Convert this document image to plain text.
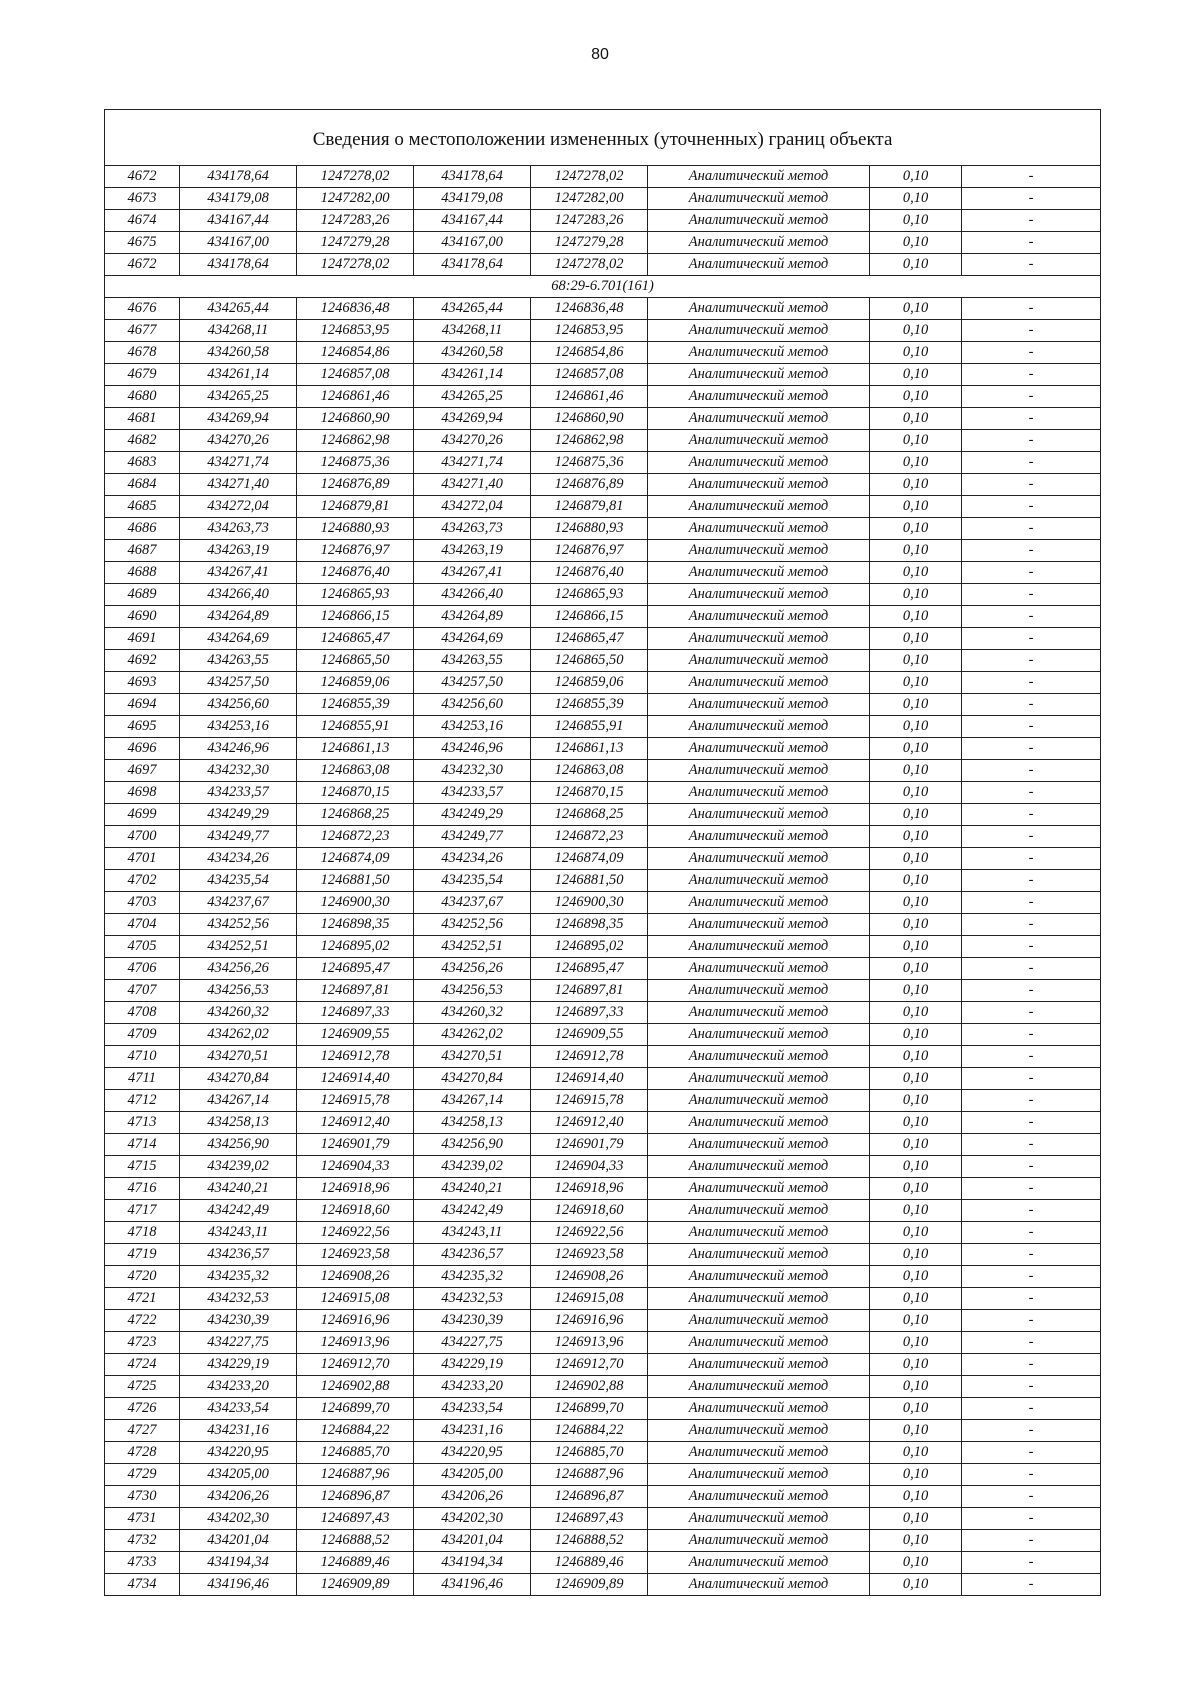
80
Сведения о местоположении измененных (уточненных) границ объекта							
4672	434178,64	1247278,02	434178,64	1247278,02	Аналитический метод	0,10	-
4673	434179,08	1247282,00	434179,08	1247282,00	Аналитический метод	0,10	-
4674	434167,44	1247283,26	434167,44	1247283,26	Аналитический метод	0,10	-
4675	434167,00	1247279,28	434167,00	1247279,28	Аналитический метод	0,10	-
4672	434178,64	1247278,02	434178,64	1247278,02	Аналитический метод	0,10	-
68:29-6.701(161)							
4676	434265,44	1246836,48	434265,44	1246836,48	Аналитический метод	0,10	-
4677	434268,11	1246853,95	434268,11	1246853,95	Аналитический метод	0,10	-
4678	434260,58	1246854,86	434260,58	1246854,86	Аналитический метод	0,10	-
4679	434261,14	1246857,08	434261,14	1246857,08	Аналитический метод	0,10	-
4680	434265,25	1246861,46	434265,25	1246861,46	Аналитический метод	0,10	-
4681	434269,94	1246860,90	434269,94	1246860,90	Аналитический метод	0,10	-
4682	434270,26	1246862,98	434270,26	1246862,98	Аналитический метод	0,10	-
4683	434271,74	1246875,36	434271,74	1246875,36	Аналитический метод	0,10	-
4684	434271,40	1246876,89	434271,40	1246876,89	Аналитический метод	0,10	-
4685	434272,04	1246879,81	434272,04	1246879,81	Аналитический метод	0,10	-
4686	434263,73	1246880,93	434263,73	1246880,93	Аналитический метод	0,10	-
4687	434263,19	1246876,97	434263,19	1246876,97	Аналитический метод	0,10	-
4688	434267,41	1246876,40	434267,41	1246876,40	Аналитический метод	0,10	-
4689	434266,40	1246865,93	434266,40	1246865,93	Аналитический метод	0,10	-
4690	434264,89	1246866,15	434264,89	1246866,15	Аналитический метод	0,10	-
4691	434264,69	1246865,47	434264,69	1246865,47	Аналитический метод	0,10	-
4692	434263,55	1246865,50	434263,55	1246865,50	Аналитический метод	0,10	-
4693	434257,50	1246859,06	434257,50	1246859,06	Аналитический метод	0,10	-
4694	434256,60	1246855,39	434256,60	1246855,39	Аналитический метод	0,10	-
4695	434253,16	1246855,91	434253,16	1246855,91	Аналитический метод	0,10	-
4696	434246,96	1246861,13	434246,96	1246861,13	Аналитический метод	0,10	-
4697	434232,30	1246863,08	434232,30	1246863,08	Аналитический метод	0,10	-
4698	434233,57	1246870,15	434233,57	1246870,15	Аналитический метод	0,10	-
4699	434249,29	1246868,25	434249,29	1246868,25	Аналитический метод	0,10	-
4700	434249,77	1246872,23	434249,77	1246872,23	Аналитический метод	0,10	-
4701	434234,26	1246874,09	434234,26	1246874,09	Аналитический метод	0,10	-
4702	434235,54	1246881,50	434235,54	1246881,50	Аналитический метод	0,10	-
4703	434237,67	1246900,30	434237,67	1246900,30	Аналитический метод	0,10	-
4704	434252,56	1246898,35	434252,56	1246898,35	Аналитический метод	0,10	-
4705	434252,51	1246895,02	434252,51	1246895,02	Аналитический метод	0,10	-
4706	434256,26	1246895,47	434256,26	1246895,47	Аналитический метод	0,10	-
4707	434256,53	1246897,81	434256,53	1246897,81	Аналитический метод	0,10	-
4708	434260,32	1246897,33	434260,32	1246897,33	Аналитический метод	0,10	-
4709	434262,02	1246909,55	434262,02	1246909,55	Аналитический метод	0,10	-
4710	434270,51	1246912,78	434270,51	1246912,78	Аналитический метод	0,10	-
4711	434270,84	1246914,40	434270,84	1246914,40	Аналитический метод	0,10	-
4712	434267,14	1246915,78	434267,14	1246915,78	Аналитический метод	0,10	-
4713	434258,13	1246912,40	434258,13	1246912,40	Аналитический метод	0,10	-
4714	434256,90	1246901,79	434256,90	1246901,79	Аналитический метод	0,10	-
4715	434239,02	1246904,33	434239,02	1246904,33	Аналитический метод	0,10	-
4716	434240,21	1246918,96	434240,21	1246918,96	Аналитический метод	0,10	-
4717	434242,49	1246918,60	434242,49	1246918,60	Аналитический метод	0,10	-
4718	434243,11	1246922,56	434243,11	1246922,56	Аналитический метод	0,10	-
4719	434236,57	1246923,58	434236,57	1246923,58	Аналитический метод	0,10	-
4720	434235,32	1246908,26	434235,32	1246908,26	Аналитический метод	0,10	-
4721	434232,53	1246915,08	434232,53	1246915,08	Аналитический метод	0,10	-
4722	434230,39	1246916,96	434230,39	1246916,96	Аналитический метод	0,10	-
4723	434227,75	1246913,96	434227,75	1246913,96	Аналитический метод	0,10	-
4724	434229,19	1246912,70	434229,19	1246912,70	Аналитический метод	0,10	-
4725	434233,20	1246902,88	434233,20	1246902,88	Аналитический метод	0,10	-
4726	434233,54	1246899,70	434233,54	1246899,70	Аналитический метод	0,10	-
4727	434231,16	1246884,22	434231,16	1246884,22	Аналитический метод	0,10	-
4728	434220,95	1246885,70	434220,95	1246885,70	Аналитический метод	0,10	-
4729	434205,00	1246887,96	434205,00	1246887,96	Аналитический метод	0,10	-
4730	434206,26	1246896,87	434206,26	1246896,87	Аналитический метод	0,10	-
4731	434202,30	1246897,43	434202,30	1246897,43	Аналитический метод	0,10	-
4732	434201,04	1246888,52	434201,04	1246888,52	Аналитический метод	0,10	-
4733	434194,34	1246889,46	434194,34	1246889,46	Аналитический метод	0,10	-
4734	434196,46	1246909,89	434196,46	1246909,89	Аналитический метод	0,10	-
